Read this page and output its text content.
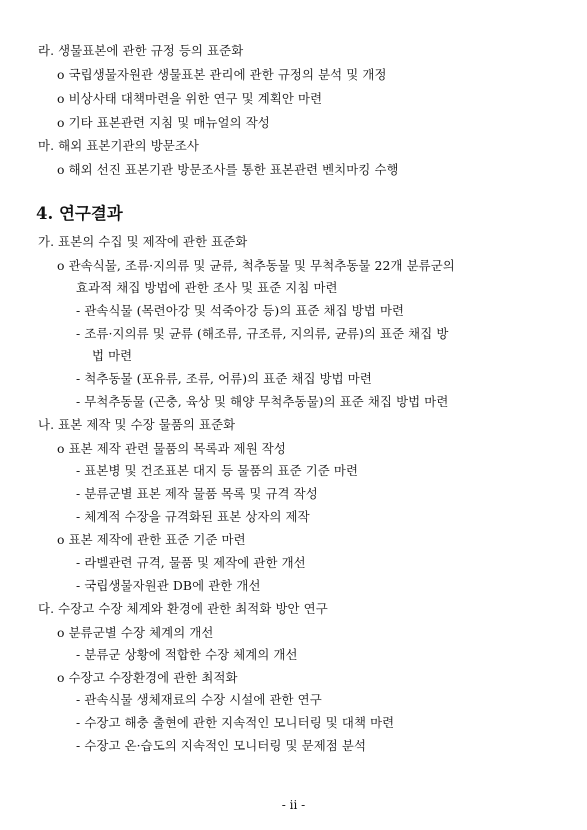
라. 생물표본에 관한 규정 등의 표준화
o 국립생물자원관 생물표본 관리에 관한 규정의 분석 및 개정
o 비상사태 대책마련을 위한 연구 및 계획안 마련
o 기타 표본관련 지침 및 매뉴얼의 작성
마. 해외 표본기관의 방문조사
o 해외 선진 표본기관 방문조사를 통한 표본관련 벤치마킹 수행
4. 연구결과
가. 표본의 수집 및 제작에 관한 표준화
o 관속식물, 조류·지의류 및 균류, 척추동물 및 무척추동물 22개 분류군의
효과적 채집 방법에 관한 조사 및 표준 지침 마련
- 관속식물 (목련아강 및 석죽아강 등)의 표준 채집 방법 마련
- 조류·지의류 및 균류 (해조류, 규조류, 지의류, 균류)의 표준 채집 방
법 마련
- 척추동물 (포유류, 조류, 어류)의 표준 채집 방법 마련
- 무척추동물 (곤충, 육상 및 해양 무척추동물)의 표준 채집 방법 마련
나. 표본 제작 및 수장 물품의 표준화
o 표본 제작 관련 물품의 목록과 제원 작성
- 표본병 및 건조표본 대지 등 물품의 표준 기준 마련
- 분류군별 표본 제작 물품 목록 및 규격 작성
- 체계적 수장을 규격화된 표본 상자의 제작
o 표본 제작에 관한 표준 기준 마련
- 라벨관련 규격, 물품 및 제작에 관한 개선
- 국립생물자원관 DB에 관한 개선
다. 수장고 수장 체계와 환경에 관한 최적화 방안 연구
o 분류군별 수장 체계의 개선
- 분류군 상황에 적합한 수장 체계의 개선
o 수장고 수장환경에 관한 최적화
- 관속식물 생체재료의 수장 시설에 관한 연구
- 수장고 해충 출현에 관한 지속적인 모니터링 및 대책 마련
- 수장고 온·습도의 지속적인 모니터링 및 문제점 분석
- ii -
